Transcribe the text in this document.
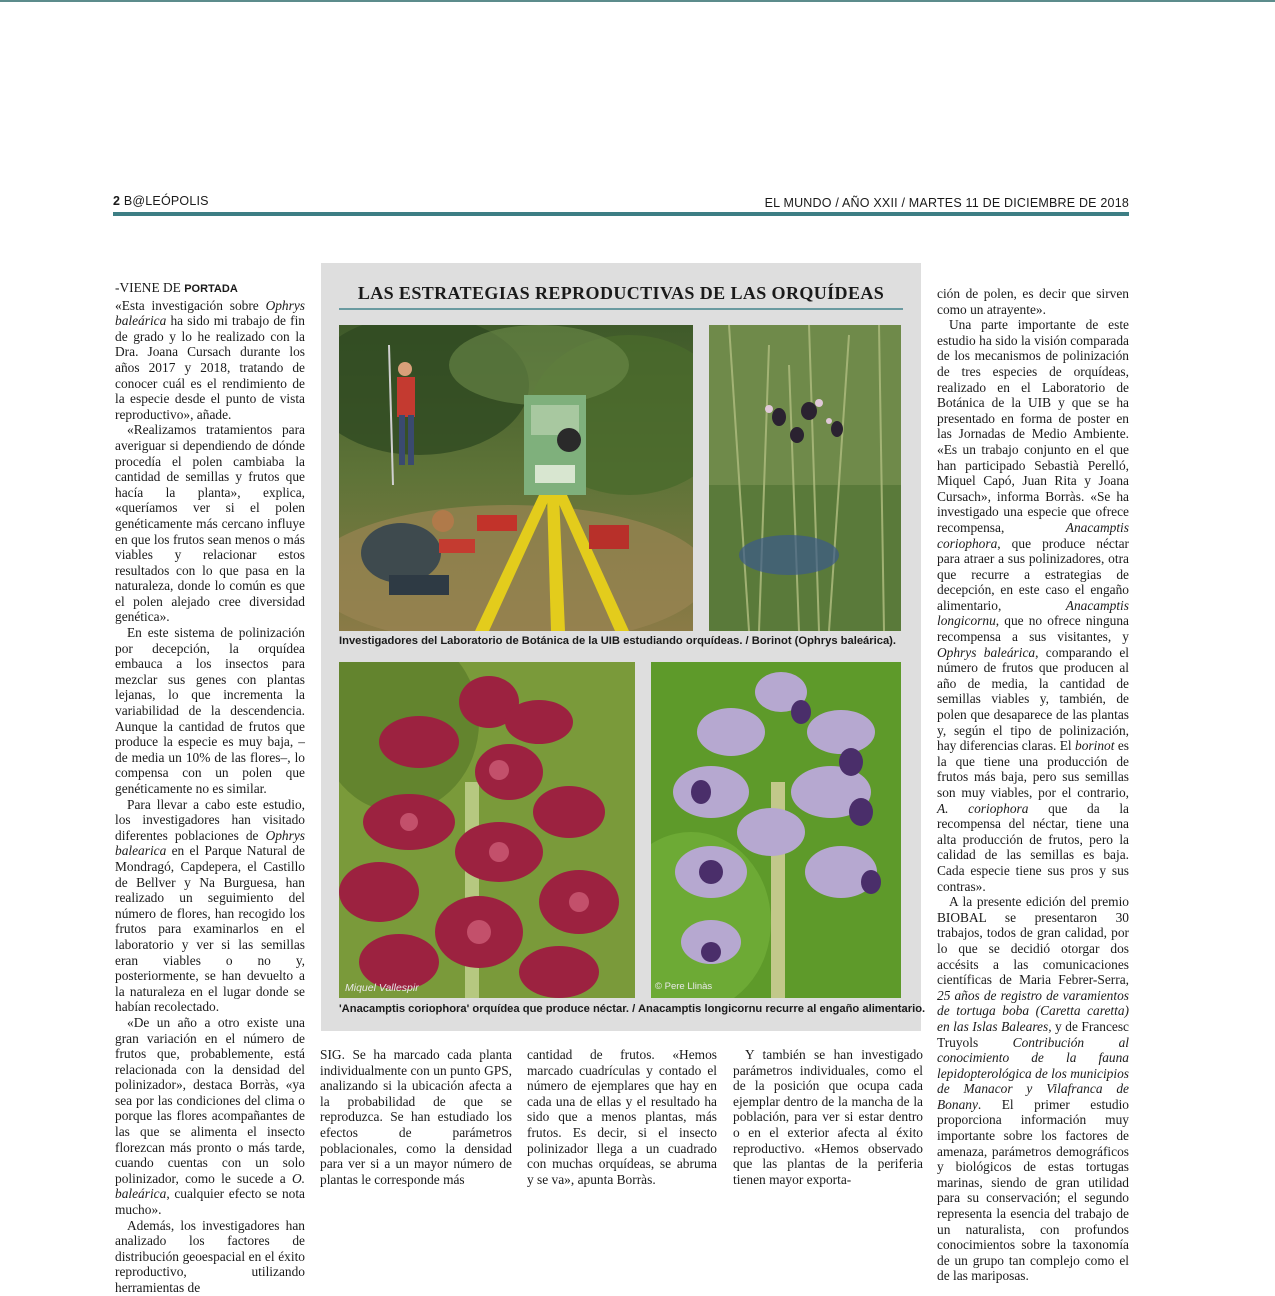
2 B@LEÓPOLIS	EL MUNDO / AÑO XXII / MARTES 11 DE DICIEMBRE DE 2018

-VIENE DE PORTADA

«Esta investigación sobre Ophrys baleárica ha sido mi trabajo de fin de grado y lo he realizado con la Dra. Joana Cursach durante los años 2017 y 2018, tratando de conocer cuál es el rendimiento de la especie desde el punto de vista reproductivo», añade.

«Realizamos tratamientos para averiguar si dependiendo de dónde procedía el polen cambiaba la cantidad de semillas y frutos que hacía la planta», explica, «queríamos ver si el polen genéticamente más cercano influye en que los frutos sean menos o más viables y relacionar estos resultados con lo que pasa en la naturaleza, donde lo común es que el polen alejado cree diversidad genética».

En este sistema de polinización por decepción, la orquídea embauca a los insectos para mezclar sus genes con plantas lejanas, lo que incrementa la variabilidad de la descendencia. Aunque la cantidad de frutos que produce la especie es muy baja, –de media un 10% de las flores–, lo compensa con un polen que genéticamente no es similar.

Para llevar a cabo este estudio, los investigadores han visitado diferentes poblaciones de Ophrys balearica en el Parque Natural de Mondragó, Capdepera, el Castillo de Bellver y Na Burguesa, han realizado un seguimiento del número de flores, han recogido los frutos para examinarlos en el laboratorio y ver si las semillas eran viables o no y, posteriormente, se han devuelto a la naturaleza en el lugar donde se habían recolectado.

«De un año a otro existe una gran variación en el número de frutos que, probablemente, está relacionada con la densidad del polinizador», destaca Borràs, «ya sea por las condiciones del clima o porque las flores acompañantes de las que se alimenta el insecto florezcan más pronto o más tarde, cuando cuentas con un solo polinizador, como le sucede a O. baleárica, cualquier efecto se nota mucho».

Además, los investigadores han analizado los factores de distribución geoespacial en el éxito reproductivo, utilizando herramientas de

LAS ESTRATEGIAS REPRODUCTIVAS DE LAS ORQUÍDEAS
Investigadores del Laboratorio de Botánica de la UIB estudiando orquídeas. / Borinot (Ophrys baleárica).
Miquel Vallespir	© Pere Llinàs
'Anacamptis coriophora' orquídea que produce néctar. / Anacamptis longicornu recurre al engaño alimentario.

SIG. Se ha marcado cada planta individualmente con un punto GPS, analizando si la ubicación afecta a la probabilidad de que se reproduzca. Se han estudiado los efectos de parámetros poblacionales, como la densidad para ver si a un mayor número de plantas le corresponde más

cantidad de frutos. «Hemos marcado cuadrículas y contado el número de ejemplares que hay en cada una de ellas y el resultado ha sido que a menos plantas, más frutos. Es decir, si el insecto polinizador llega a un cuadrado con muchas orquídeas, se abruma y se va», apunta Borràs.

Y también se han investigado parámetros individuales, como el de la posición que ocupa cada ejemplar dentro de la mancha de la población, para ver si estar dentro o en el exterior afecta al éxito reproductivo. «Hemos observado que las plantas de la periferia tienen mayor exporta-

ción de polen, es decir que sirven como un atrayente».

Una parte importante de este estudio ha sido la visión comparada de los mecanismos de polinización de tres especies de orquídeas, realizado en el Laboratorio de Botánica de la UIB y que se ha presentado en forma de poster en las Jornadas de Medio Ambiente. «Es un trabajo conjunto en el que han participado Sebastià Perelló, Miquel Capó, Juan Rita y Joana Cursach», informa Borràs. «Se ha investigado una especie que ofrece recompensa, Anacamptis coriophora, que produce néctar para atraer a sus polinizadores, otra que recurre a estrategias de decepción, en este caso el engaño alimentario, Anacamptis longicornu, que no ofrece ninguna recompensa a sus visitantes, y Ophrys baleárica, comparando el número de frutos que producen al año de media, la cantidad de semillas viables y, también, de polen que desaparece de las plantas y, según el tipo de polinización, hay diferencias claras. El borinot es la que tiene una producción de frutos más baja, pero sus semillas son muy viables, por el contrario, A. coriophora que da la recompensa del néctar, tiene una alta producción de frutos, pero la calidad de las semillas es baja. Cada especie tiene sus pros y sus contras».

A la presente edición del premio BIOBAL se presentaron 30 trabajos, todos de gran calidad, por lo que se decidió otorgar dos accésits a las comunicaciones científicas de Maria Febrer-Serra, 25 años de registro de varamientos de tortuga boba (Caretta caretta) en las Islas Baleares, y de Francesc Truyols Contribución al conocimiento de la fauna lepidopterológica de los municipios de Manacor y Vilafranca de Bonany. El primer estudio proporciona información muy importante sobre los factores de amenaza, parámetros demográficos y biológicos de estas tortugas marinas, siendo de gran utilidad para su conservación; el segundo representa la esencia del trabajo de un naturalista, con profundos conocimientos sobre la taxonomía de un grupo tan complejo como el de las mariposas.
